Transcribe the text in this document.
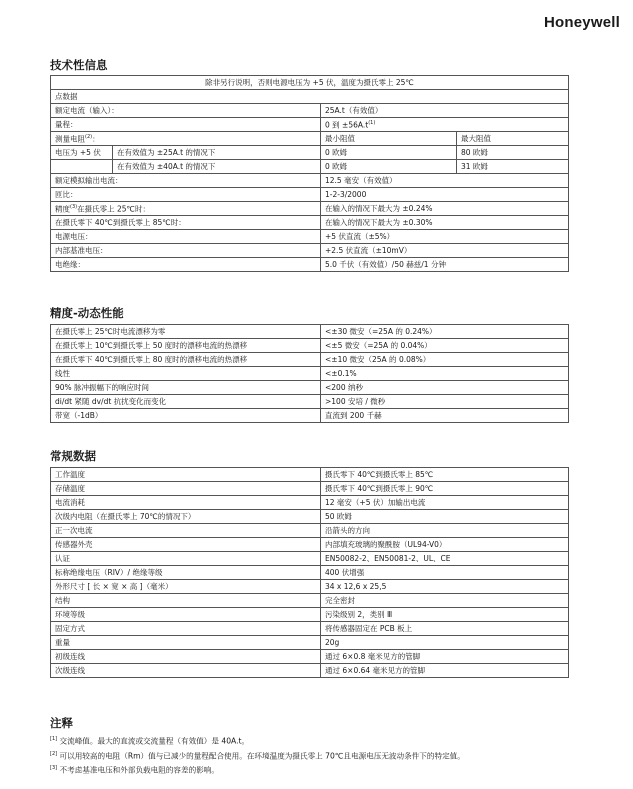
Honeywell
技术性信息
除非另行说明，否则电源电压为 +5 伏，温度为摄氏零上 25℃			
点数据			
额定电流（输入）：		25A.t（有效值）	
量程：		0 到 $\pm 56A.t^{(1)}$
测量电阻$^{(2)}$：		最小阻值	最大阻值
电压为 +5 伏	在有效值为 ±25A.t 的情况下	0 欧姆	80 欧姆
	在有效值为 ±40A.t 的情况下	0 欧姆	31 欧姆
额定模拟输出电流：		12.5 毫安（有效值）	
匝比：		1-2-3/2000	
精度$^{(3)}$在摄氏零上 25℃时：		在输入的情况下最大为 ±0.24%	
在摄氏零下 40℃到摄氏零上 85℃时：		在输入的情况下最大为 ±0.30%	
电源电压：		+5 伏直流（±5%）	
内部基准电压：		+2.5 伏直流（±10mV）	
电绝缘：		5.0 千伏（有效值）/50 赫兹/1 分钟	
精度-动态性能
在摄氏零上 25℃时电流漂移为零	<±30 微安（=25A 的 0.24%）
在摄氏零上 10℃到摄氏零上 50 度时的漂移电流的热漂移	<±5 微安（=25A 的 0.04%）
在摄氏零下 40℃到摄氏零上 80 度时的漂移电流的热漂移	<±10 微安（25A 的 0.08%）
线性	<±0.1%
90% 脉冲振幅下的响应时间	<200 纳秒
di/dt 紧随 dv/dt 抗扰变化而变化	>100 安培 / 微秒
带宽（-1dB）	直流到 200 千赫
常规数据
工作温度	摄氏零下 40℃到摄氏零上 85℃
存储温度	摄氏零下 40℃到摄氏零上 90℃
电流消耗	12 毫安（+5 伏）加输出电流
次级内电阻（在摄氏零上 70℃的情况下）	50 欧姆
正一次电流	沿箭头的方向
传感器外壳	内部填充玻璃的聚酰胺（UL94-V0）
认证	EN50082-2、EN50081-2、UL、CE
标称绝缘电压（RIV）/ 绝缘等级	400 伏增强
外形尺寸 [ 长 × 宽 × 高 ]（毫米）	34 x 12,6 x 25,5
结构	完全密封
环境等级	污染级别 2，类别 Ⅲ
固定方式	将传感器固定在 PCB 板上
重量	20g
初级连线	通过 6×0.8 毫米见方的管脚
次级连线	通过 6×0.64 毫米见方的管脚
注释
[1] 交流峰值。最大的直流或交流量程（有效值）是 40A.t。
[2] 可以用较高的电阻（Rm）值与已减少的量程配合使用。在环境温度为摄氏零上 70℃且电源电压无波动条件下的特定值。
[3] 不考虑基准电压和外部负载电阻的容差的影响。
